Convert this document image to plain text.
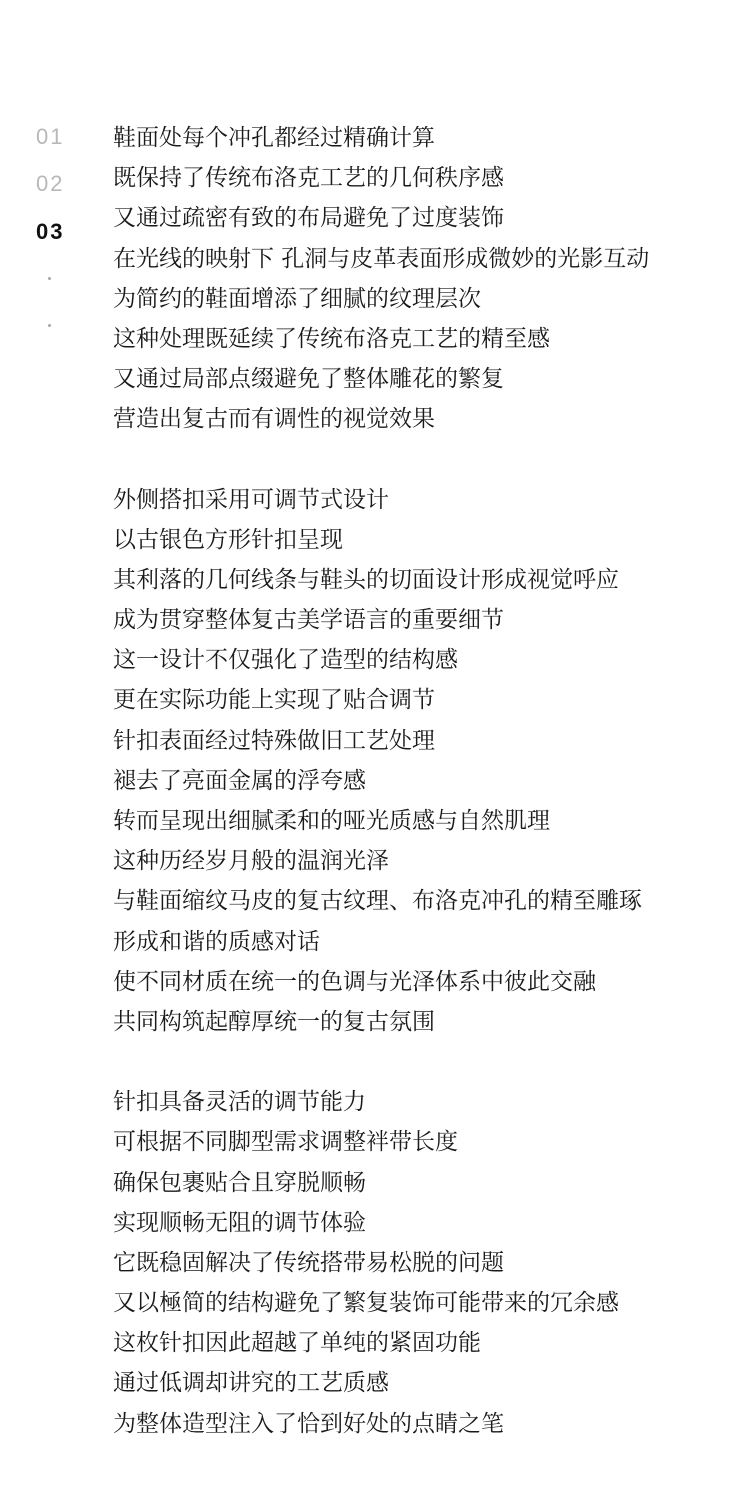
01
02
03
鞋面处每个冲孔都经过精确计算
既保持了传统布洛克工艺的几何秩序感
又通过疏密有致的布局避免了过度装饰
在光线的映射下 孔洞与皮革表面形成微妙的光影互动
为简约的鞋面增添了细腻的纹理层次
这种处理既延续了传统布洛克工艺的精至感
又通过局部点缀避免了整体雕花的繁复
营造出复古而有调性的视觉效果
外侧搭扣采用可调节式设计
以古银色方形针扣呈现
其利落的几何线条与鞋头的切面设计形成视觉呼应
成为贯穿整体复古美学语言的重要细节
这一设计不仅强化了造型的结构感
更在实际功能上实现了贴合调节
针扣表面经过特殊做旧工艺处理
褪去了亮面金属的浮夸感
转而呈现出细腻柔和的哑光质感与自然肌理
这种历经岁月般的温润光泽
与鞋面缩纹马皮的复古纹理、布洛克冲孔的精至雕琢
形成和谐的质感对话
使不同材质在统一的色调与光泽体系中彼此交融
共同构筑起醇厚统一的复古氛围
针扣具备灵活的调节能力
可根据不同脚型需求调整袢带长度
确保包裹贴合且穿脱顺畅
实现顺畅无阻的调节体验
它既稳固解决了传统搭带易松脱的问题
又以極简的结构避免了繁复装饰可能带来的冗余感
这枚针扣因此超越了单纯的紧固功能
通过低调却讲究的工艺质感
为整体造型注入了恰到好处的点睛之笔
